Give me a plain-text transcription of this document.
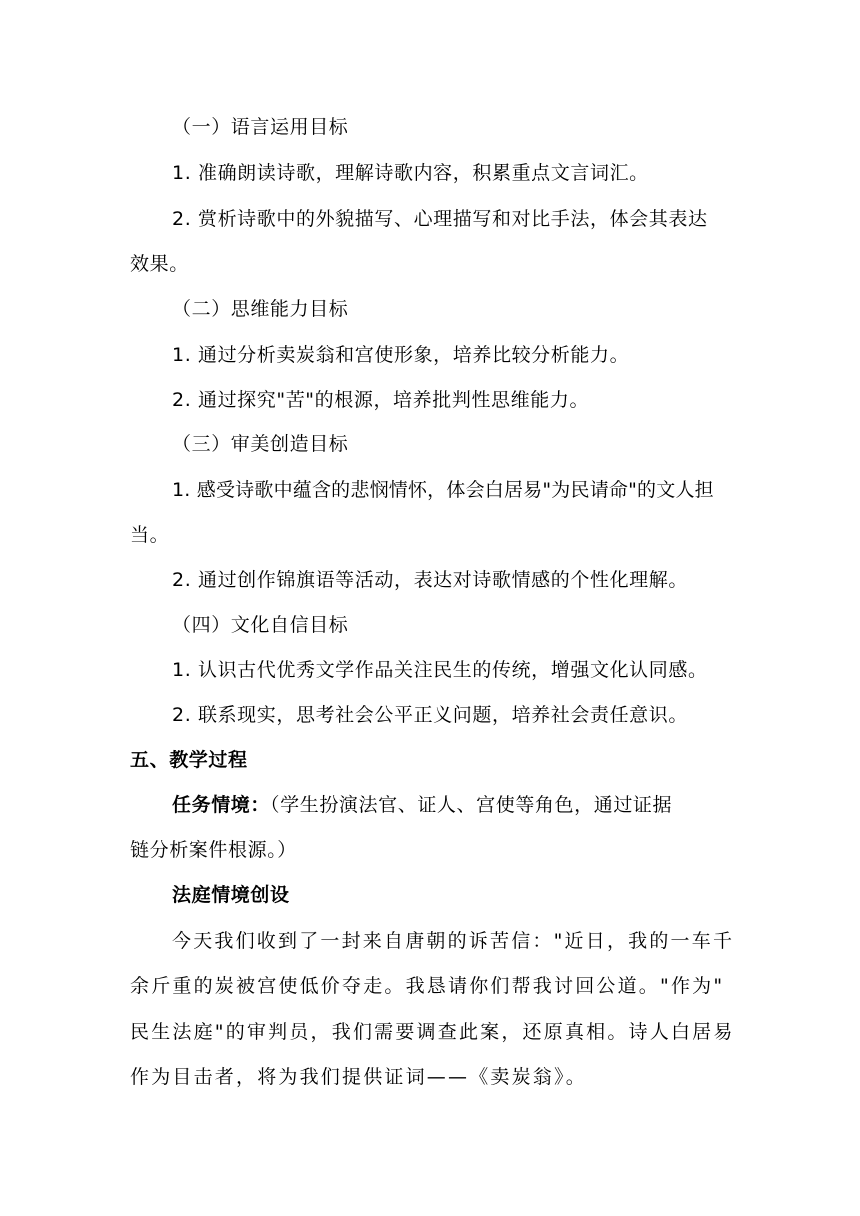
（一）语言运用目标
1. 准确朗读诗歌，理解诗歌内容，积累重点文言词汇。
2. 赏析诗歌中的外貌描写、心理描写和对比手法，体会其表达
效果。
（二）思维能力目标
1. 通过分析卖炭翁和宫使形象，培养比较分析能力。
2. 通过探究"苦"的根源，培养批判性思维能力。
（三）审美创造目标
1. 感受诗歌中蕴含的悲悯情怀，体会白居易"为民请命"的文人担
当。
2. 通过创作锦旗语等活动，表达对诗歌情感的个性化理解。
（四）文化自信目标
1. 认识古代优秀文学作品关注民生的传统，增强文化认同感。
2. 联系现实，思考社会公平正义问题，培养社会责任意识。
五、教学过程
任务情境：（学生扮演法官、证人、宫使等角色，通过证据
链分析案件根源。）
法庭情境创设
今天我们收到了一封来自唐朝的诉苦信："近日，我的一车千
余斤重的炭被宫使低价夺走。我恳请你们帮我讨回公道。"作为"
民生法庭"的审判员，我们需要调查此案，还原真相。诗人白居易
作为目击者，将为我们提供证词——《卖炭翁》。
